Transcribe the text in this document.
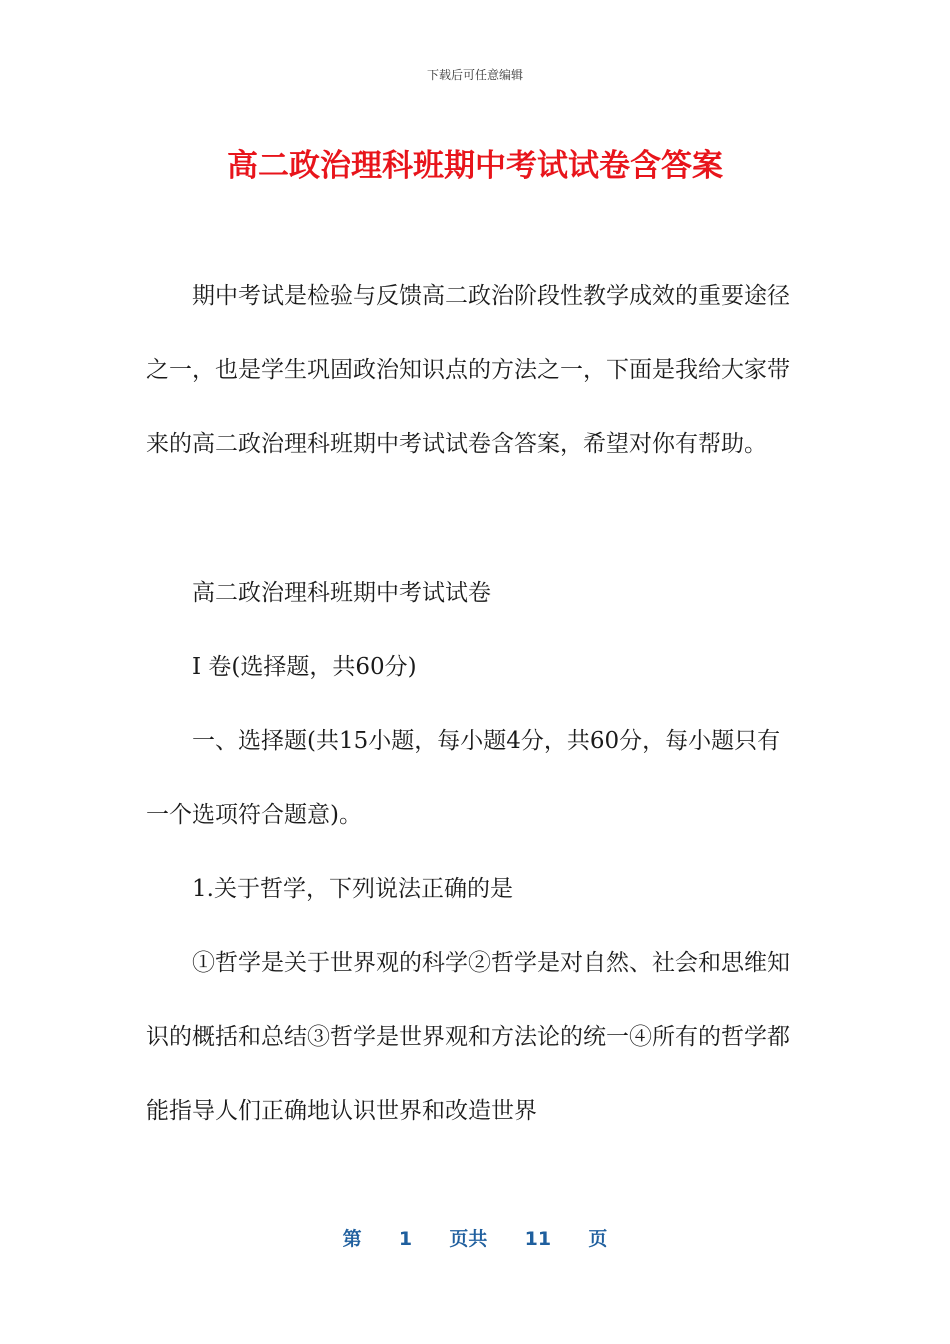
下载后可任意编辑
高二政治理科班期中考试试卷含答案

期中考试是检验与反馈高二政治阶段性教学成效的重要途径之一，也是学生巩固政治知识点的方法之一，下面是我给大家带来的高二政治理科班期中考试试卷含答案，希望对你有帮助。

高二政治理科班期中考试试卷

Ⅰ 卷(选择题，共60分)

一、选择题(共15小题，每小题4分，共60分，每小题只有一个选项符合题意)。

1.关于哲学，下列说法正确的是

①哲学是关于世界观的科学②哲学是对自然、社会和思维知识的概括和总结③哲学是世界观和方法论的统一④所有的哲学都能指导人们正确地认识世界和改造世界

第 1 页共 11 页
